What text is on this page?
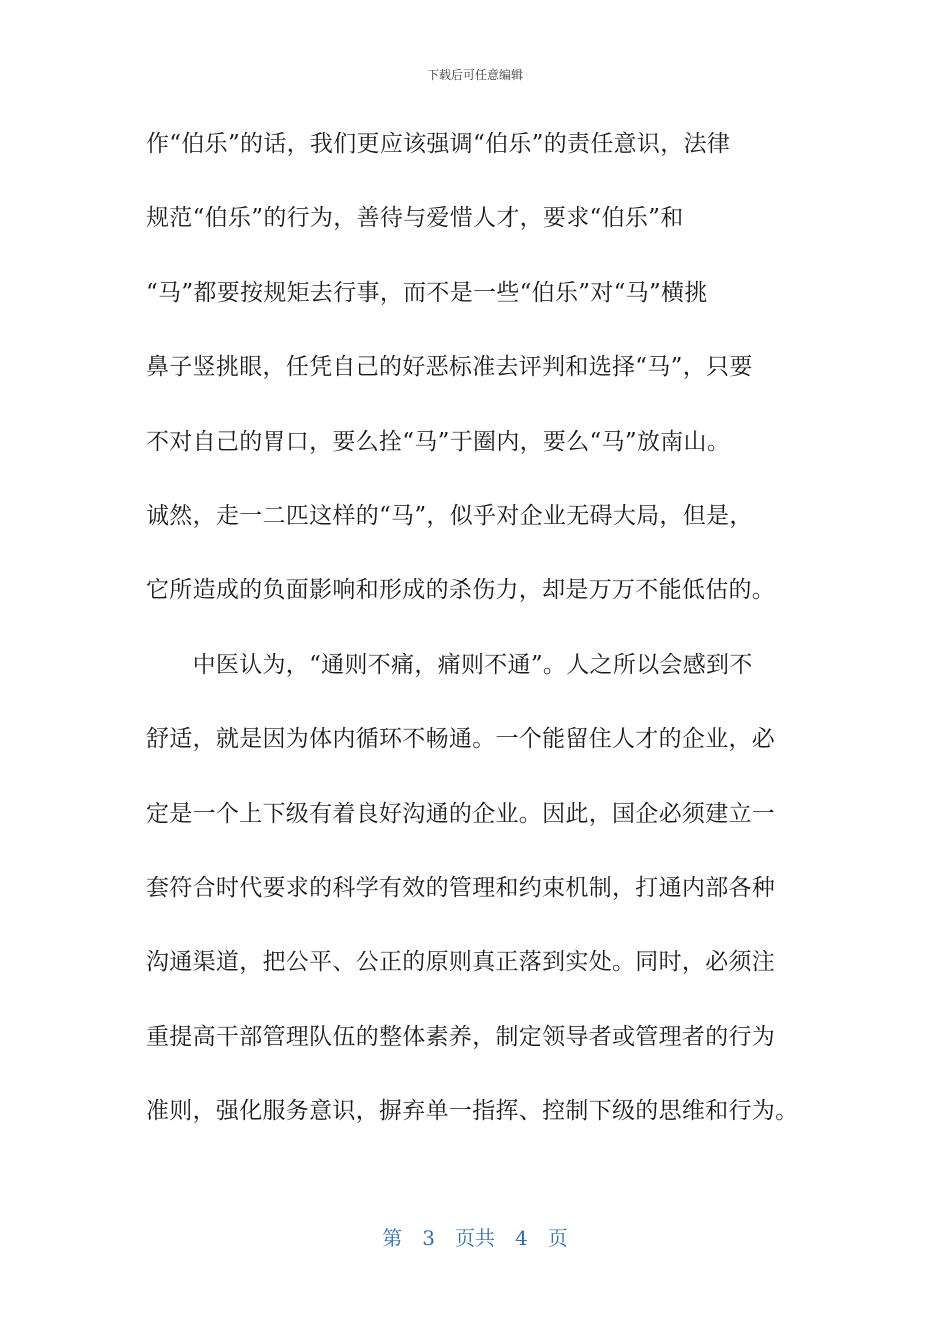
下载后可任意编辑
作“伯乐”的话，我们更应该强调“伯乐”的责任意识，法律
规范“伯乐”的行为，善待与爱惜人才，要求“伯乐”和
“马”都要按规矩去行事，而不是一些“伯乐”对“马”横挑
鼻子竖挑眼，任凭自己的好恶标准去评判和选择“马”，只要
不对自己的胃口，要么拴“马”于圈内，要么“马”放南山。
诚然，走一二匹这样的“马”，似乎对企业无碍大局，但是，
它所造成的负面影响和形成的杀伤力，却是万万不能低估的。
　　中医认为，“通则不痛，痛则不通”。人之所以会感到不
舒适，就是因为体内循环不畅通。一个能留住人才的企业，必
定是一个上下级有着良好沟通的企业。因此，国企必须建立一
套符合时代要求的科学有效的管理和约束机制，打通内部各种
沟通渠道，把公平、公正的原则真正落到实处。同时，必须注
重提高干部管理队伍的整体素养，制定领导者或管理者的行为
准则，强化服务意识，摒弃单一指挥、控制下级的思维和行为。
第　3　页共　4　页
